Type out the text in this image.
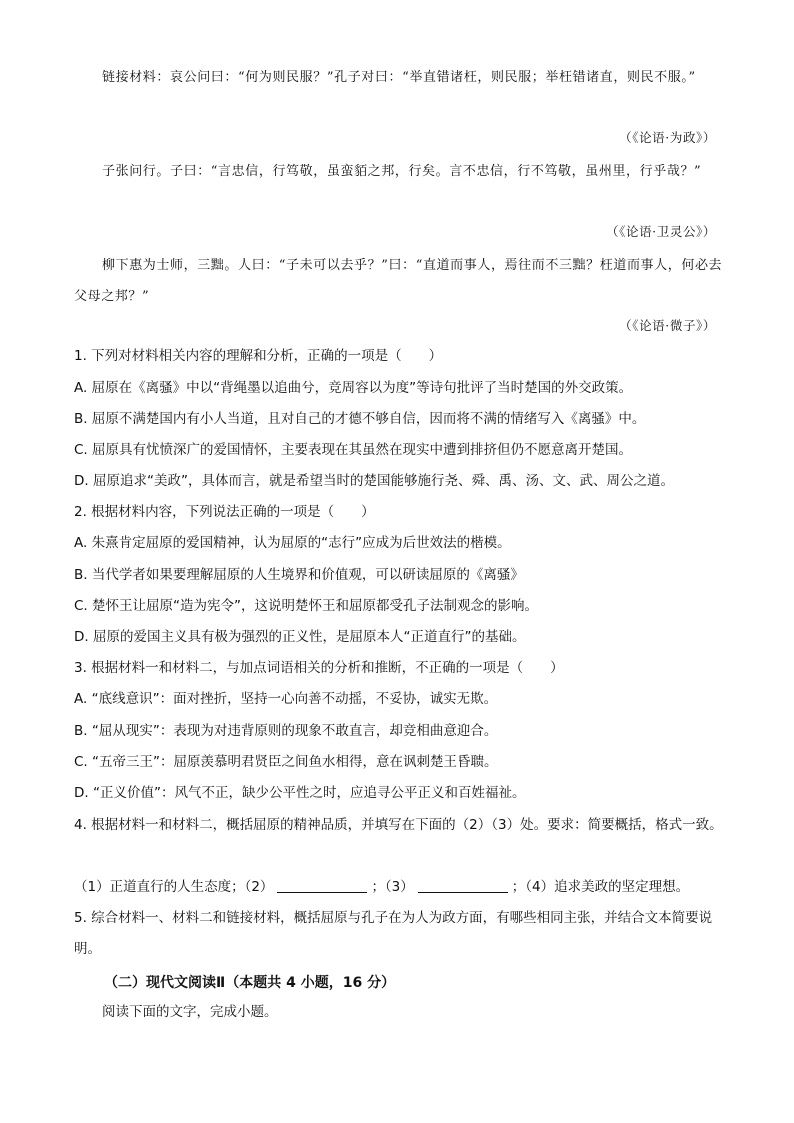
链接材料：哀公问曰：“何为则民服？”孔子对曰：“举直错诸枉，则民服；举枉错诸直，则民不服。”

（《论语·为政》）

子张问行。子曰：“言忠信，行笃敬，虽蛮貊之邦，行矣。言不忠信，行不笃敬，虽州里，行乎哉？”

（《论语·卫灵公》）

柳下惠为士师，三黜。人曰：“子未可以去乎？”曰：“直道而事人，焉往而不三黜？枉道而事人，何必去父母之邦？”

（《论语·微子》）
1. 下列对材料相关内容的理解和分析，正确的一项是（　　）
A. 屈原在《离骚》中以“背绳墨以追曲兮，竞周容以为度”等诗句批评了当时楚国的外交政策。
B. 屈原不满楚国内有小人当道，且对自己的才德不够自信，因而将不满的情绪写入《离骚》中。
C. 屈原具有忧愤深广的爱国情怀，主要表现在其虽然在现实中遭到排挤但仍不愿意离开楚国。
D. 屈原追求“美政”，具体而言，就是希望当时的楚国能够施行尧、舜、禹、汤、文、武、周公之道。
2. 根据材料内容，下列说法正确的一项是（　　）
A. 朱熹肯定屈原的爱国精神，认为屈原的“志行”应成为后世效法的楷模。
B. 当代学者如果要理解屈原的人生境界和价值观，可以研读屈原的《离骚》
C. 楚怀王让屈原“造为宪令”，这说明楚怀王和屈原都受孔子法制观念的影响。
D. 屈原的爱国主义具有极为强烈的正义性，是屈原本人“正道直行”的基础。
3. 根据材料一和材料二，与加点词语相关的分析和推断，不正确的一项是（　　）
A. “底线意识”：面对挫折，坚持一心向善不动摇，不妥协，诚实无欺。
B. “屈从现实”：表现为对违背原则的现象不敢直言，却竞相曲意迎合。
C. “五帝三王”：屈原羡慕明君贤臣之间鱼水相得，意在讽刺楚王昏聩。
D. “正义价值”：风气不正，缺少公平性之时，应追寻公平正义和百姓福祉。
4. 根据材料一和材料二，概括屈原的精神品质，并填写在下面的（2）（3）处。要求：简要概括，格式一致。
（1）正道直行的人生态度；（2）	；（3）	；（4）追求美政的坚定理想。
5. 综合材料一、材料二和链接材料，概括屈原与孔子在为人为政方面，有哪些相同主张，并结合文本简要说明。
（二）现代文阅读Ⅱ（本题共 4 小题，16 分）
阅读下面的文字，完成小题。
